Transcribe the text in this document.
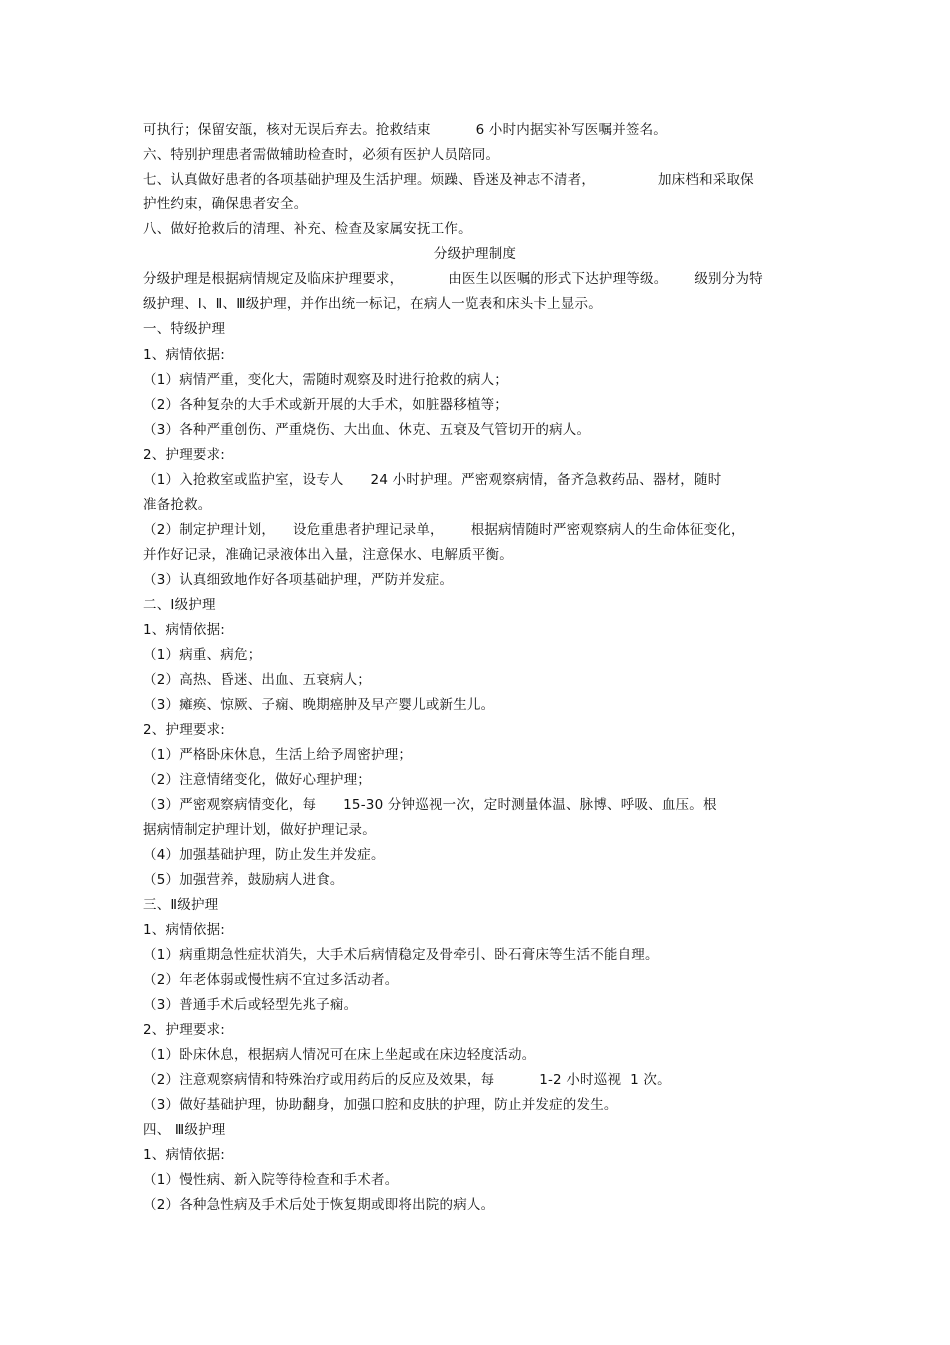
可执行；保留安瓿，核对无误后弃去。抢救结束          6 小时内据实补写医嘱并签名。
六、特别护理患者需做辅助检查时，必须有医护人员陪同。
七、认真做好患者的各项基础护理及生活护理。烦躁、昏迷及神志不清者，              加床档和采取保
护性约束，确保患者安全。
八、做好抢救后的清理、补充、检查及家属安抚工作。
分级护理制度
分级护理是根据病情规定及临床护理要求，          由医生以医嘱的形式下达护理等级。      级别分为特
级护理、Ⅰ、Ⅱ、Ⅲ级护理，并作出统一标记，在病人一览表和床头卡上显示。
一、特级护理
1、病情依据:
（1）病情严重，变化大，需随时观察及时进行抢救的病人；
（2）各种复杂的大手术或新开展的大手术，如脏器移植等；
（3）各种严重创伤、严重烧伤、大出血、休克、五衰及气管切开的病人。
2、护理要求:
（1）入抢救室或监护室，设专人      24 小时护理。严密观察病情，备齐急救药品、器材，随时
准备抢救。
（2）制定护理计划，    设危重患者护理记录单，      根据病情随时严密观察病人的生命体征变化，
并作好记录，准确记录液体出入量，注意保水、电解质平衡。
（3）认真细致地作好各项基础护理，严防并发症。
二、Ⅰ级护理
1、病情依据:
（1）病重、病危；
（2）高热、昏迷、出血、五衰病人；
（3）瘫痪、惊厥、子痫、晚期癌肿及早产婴儿或新生儿。
2、护理要求:
（1）严格卧床休息，生活上给予周密护理；
（2）注意情绪变化，做好心理护理；
（3）严密观察病情变化，每      15-30 分钟巡视一次，定时测量体温、脉博、呼吸、血压。根
据病情制定护理计划，做好护理记录。
（4）加强基础护理，防止发生并发症。
（5）加强营养，鼓励病人进食。
三、Ⅱ级护理
1、病情依据:
（1）病重期急性症状消失，大手术后病情稳定及骨牵引、卧石膏床等生活不能自理。
（2）年老体弱或慢性病不宜过多活动者。
（3）普通手术后或轻型先兆子痫。
2、护理要求:
（1）卧床休息，根据病人情况可在床上坐起或在床边轻度活动。
（2）注意观察病情和特殊治疗或用药后的反应及效果，每          1-2 小时巡视  1 次。
（3）做好基础护理，协助翻身，加强口腔和皮肤的护理，防止并发症的发生。
四、 Ⅲ级护理
1、病情依据:
（1）慢性病、新入院等待检查和手术者。
（2）各种急性病及手术后处于恢复期或即将出院的病人。
